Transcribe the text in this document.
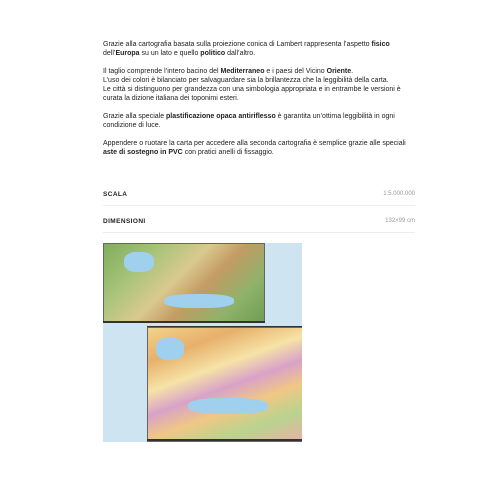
Grazie alla cartografia basata sulla proiezione conica di Lambert rappresenta l’aspetto fisico dell’Europa su un lato e quello politico dall’altro.

Il taglio comprende l’intero bacino del Mediterraneo e i paesi del Vicino Oriente.
L’uso dei colori è bilanciato per salvaguardare sia la brillantezza che la leggibilità della carta.
Le città si distinguono per grandezza con una simbologia appropriata e in entrambe le versioni è curata la dizione italiana dei toponimi esteri.

Grazie alla speciale plastificazione opaca antiriflesso è garantita un’ottima leggibilità in ogni condizione di luce.

Appendere o ruotare la carta per accedere alla seconda cartografia è semplice grazie alle speciali aste di sostegno in PVC con pratici anelli di fissaggio.

SCALA	1:5.000.000
DIMENSIONI	132×99 cm
